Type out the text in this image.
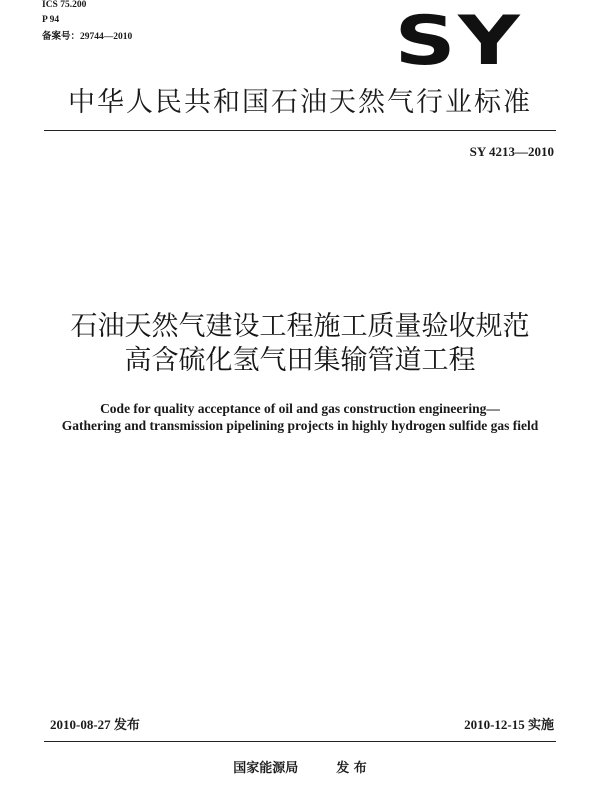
ICS 75.200
P 94
备案号：29744—2010	SY
中华人民共和国石油天然气行业标准
SY 4213—2010
石油天然气建设工程施工质量验收规范
高含硫化氢气田集输管道工程
Code for quality acceptance of oil and gas construction engineering—
Gathering and transmission pipelining projects in highly hydrogen sulfide gas field
2010-08-27 发布	2010-12-15 实施
国家能源局	发 布
